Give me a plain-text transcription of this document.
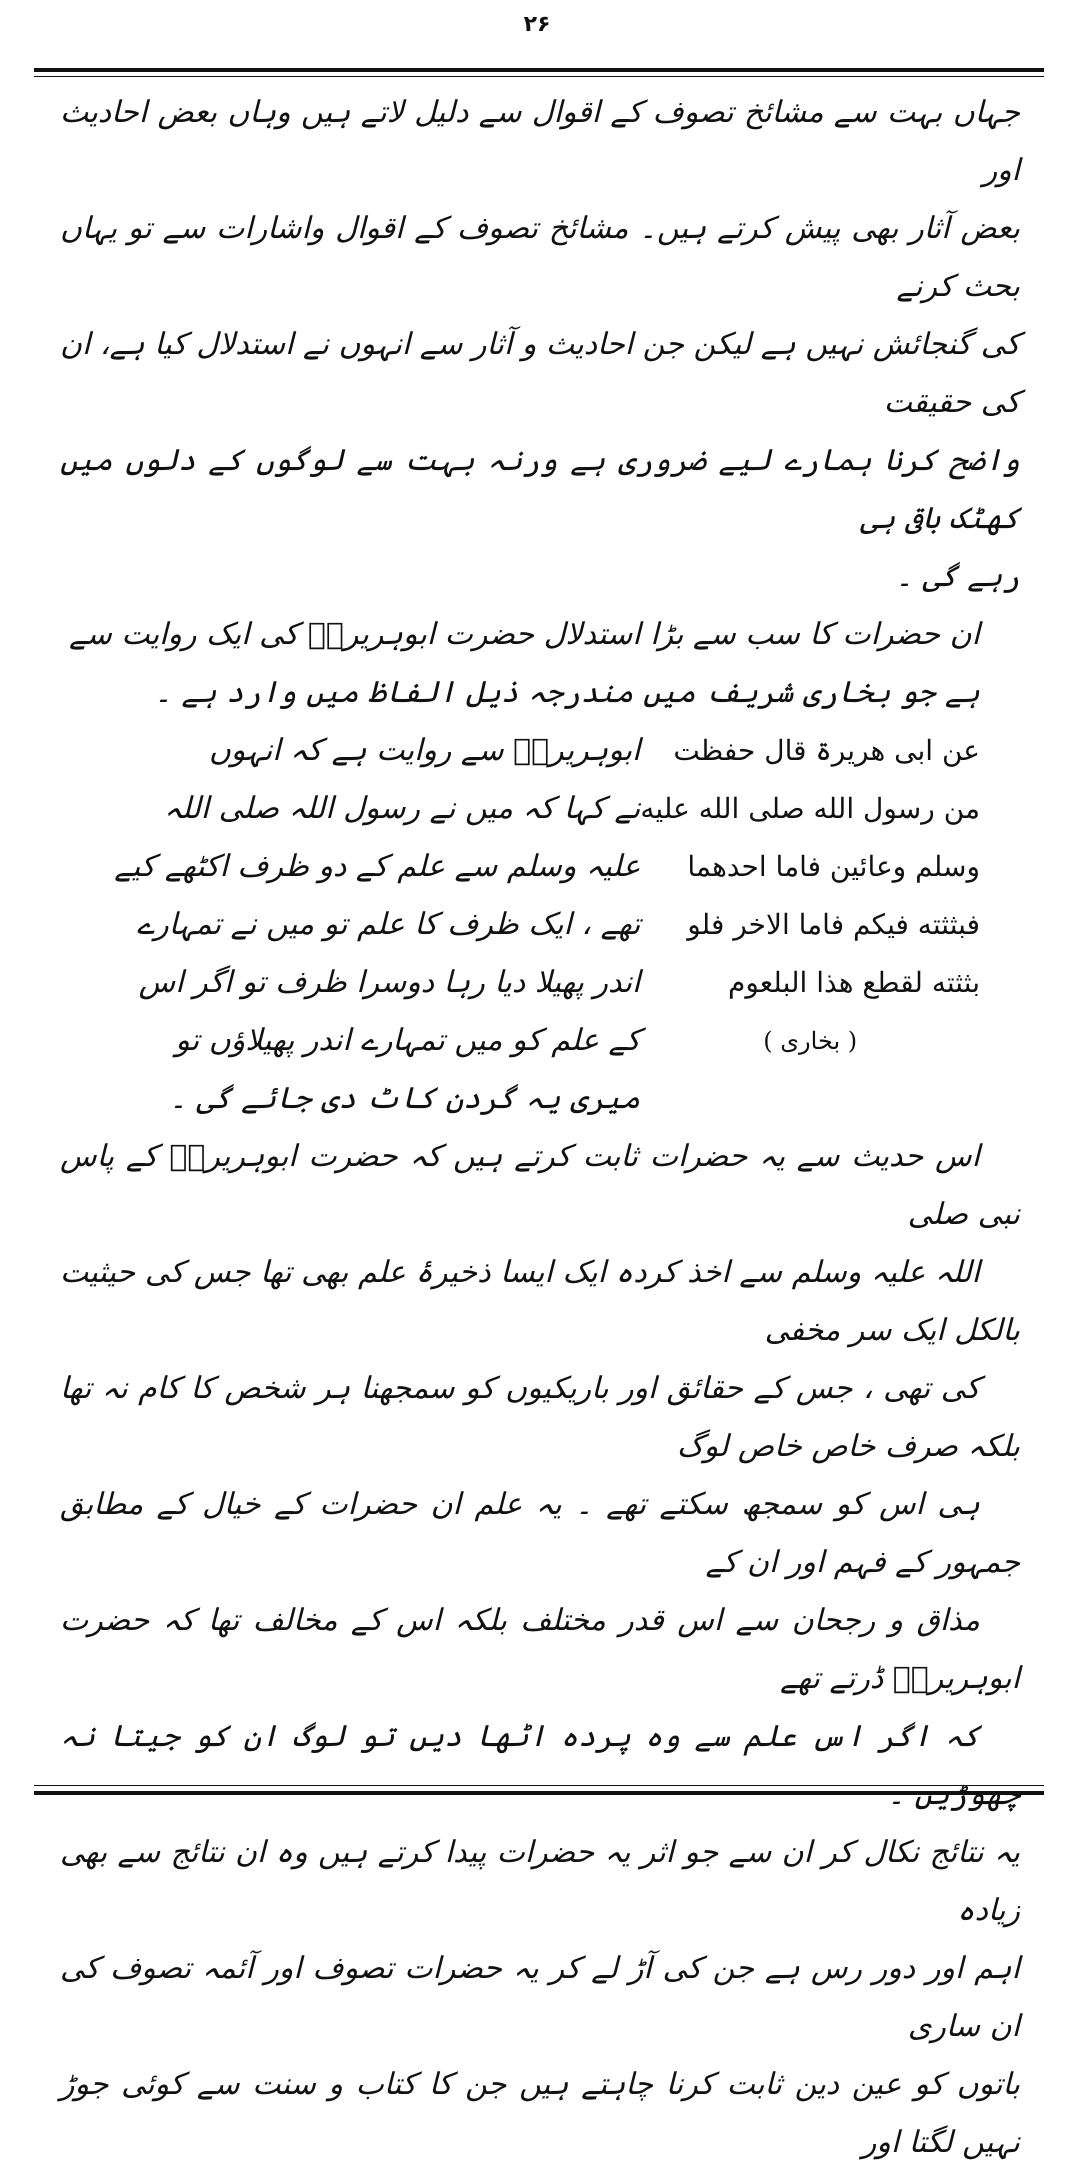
۲۶
جہاں بہت سے مشائخ تصوف کے اقوال سے دلیل لاتے ہیں وہاں بعض احادیث اور
بعض آثار بھی پیش کرتے ہیں۔ مشائخ تصوف کے اقوال واشارات سے تو یہاں بحث کرنے
کی گنجائش نہیں ہے لیکن جن احادیث و آثار سے انہوں نے استدلال کیا ہے، ان کی حقیقت
واضح کرنا ہمارے لیے ضروری ہے ورنہ بہت سے لوگوں کے دلوں میں کھٹک باقی ہی
رہے گی ۔
ان حضرات کا سب سے بڑا استدلال حضرت ابوہریرہؓ کی ایک روایت سے
ہے جو بخاری شریف میں مندرجہ ذیل الفاظ میں وارد ہے ۔
عن ابی هریرۃ قال حفظت
من رسول الله صلی الله علیه
وسلم وعائین فاما احدهما
فبثثته فیکم فاما الاخر فلو
بثثته لقطع هذا البلعوم
( بخاری )
ابوہریرہؓ سے روایت ہے کہ انہوں
نے کہا کہ میں نے رسول اللہ صلی اللہ
علیہ وسلم سے علم کے دو ظرف اکٹھے کیے
تھے ، ایک ظرف کا علم تو میں نے تمہارے
اندر پھیلا دیا رہا دوسرا ظرف تو اگر اس
کے علم کو میں تمہارے اندر پھیلاؤں تو
میری یہ گردن کاٹ دی جائے گی ۔
اس حدیث سے یہ حضرات ثابت کرتے ہیں کہ حضرت ابوہریرہؓ کے پاس نبی صلی
اللہ علیہ وسلم سے اخذ کردہ ایک ایسا ذخیرۂ علم بھی تھا جس کی حیثیت بالکل ایک سر مخفی
کی تھی ، جس کے حقائق اور باریکیوں کو سمجھنا ہر شخص کا کام نہ تھا بلکہ صرف خاص خاص لوگ
ہی اس کو سمجھ سکتے تھے ۔ یہ علم ان حضرات کے خیال کے مطابق جمہور کے فہم اور ان کے
مذاق و رجحان سے اس قدر مختلف بلکہ اس کے مخالف تھا کہ حضرت ابوہریرہؓ ڈرتے تھے
کہ اگر اس علم سے وہ پردہ اٹھا دیں تو لوگ ان کو جیتا نہ
یہ نتائج نکال کر ان سے جو اثر یہ حضرات پیدا کرتے ہیں وہ ان نتائج سے بھی زیادہ
اہم اور دور رس ہے جن کی آڑ لے کر یہ حضرات تصوف اور آئمہ تصوف کی ان ساری
باتوں کو عین دین ثابت کرنا چاہتے ہیں جن کا کتاب و سنت سے کوئی جوڑ نہیں لگتا اور
